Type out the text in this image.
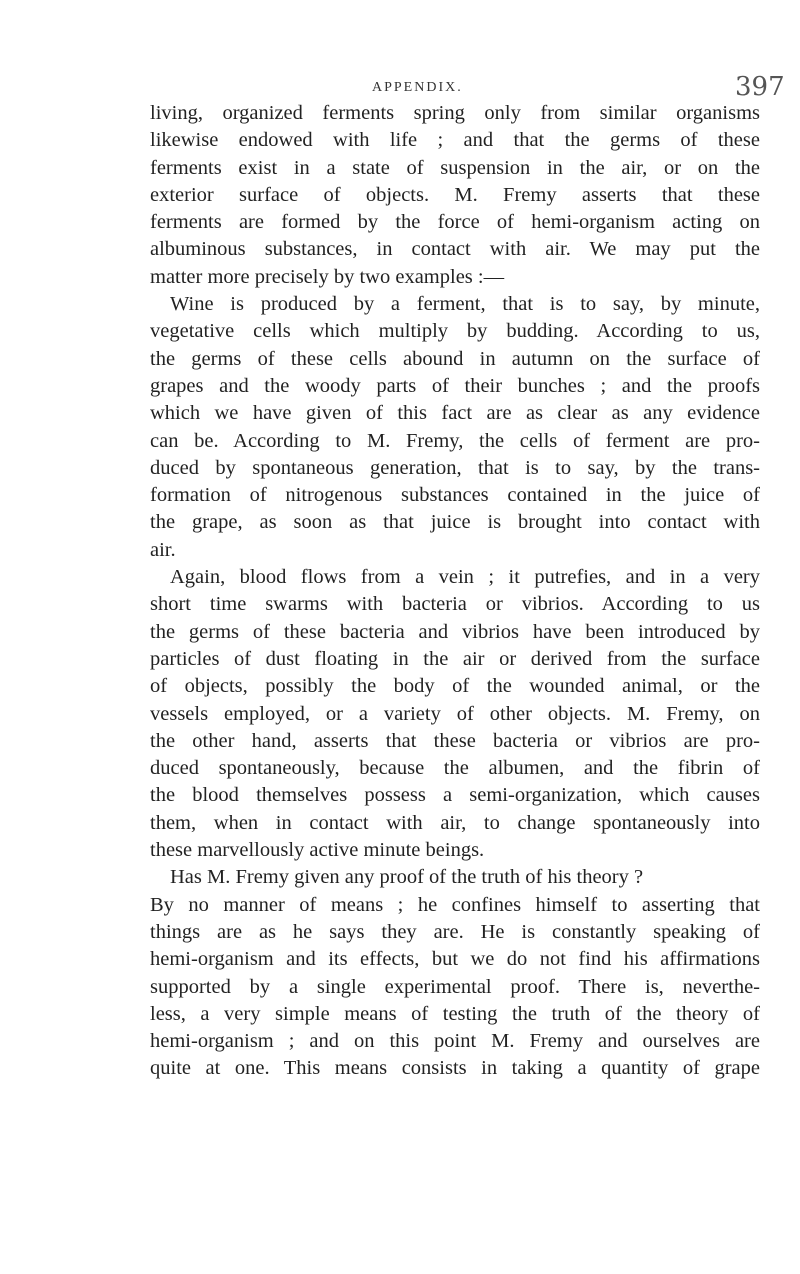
APPENDIX.	397
living, organized ferments spring only from similar organisms
likewise endowed with life ; and that the germs of these
ferments exist in a state of suspension in the air, or on the
exterior surface of objects. M. Fremy asserts that these
ferments are formed by the force of hemi-organism acting on
albuminous substances, in contact with air. We may put the
matter more precisely by two examples :—
Wine is produced by a ferment, that is to say, by minute,
vegetative cells which multiply by budding. According to us,
the germs of these cells abound in autumn on the surface of
grapes and the woody parts of their bunches ; and the proofs
which we have given of this fact are as clear as any evidence
can be. According to M. Fremy, the cells of ferment are pro-
duced by spontaneous generation, that is to say, by the trans-
formation of nitrogenous substances contained in the juice of
the grape, as soon as that juice is brought into contact with
air.
Again, blood flows from a vein ; it putrefies, and in a very
short time swarms with bacteria or vibrios. According to us
the germs of these bacteria and vibrios have been introduced by
particles of dust floating in the air or derived from the surface
of objects, possibly the body of the wounded animal, or the
vessels employed, or a variety of other objects. M. Fremy, on
the other hand, asserts that these bacteria or vibrios are pro-
duced spontaneously, because the albumen, and the fibrin of
the blood themselves possess a semi-organization, which causes
them, when in contact with air, to change spontaneously into
these marvellously active minute beings.
Has M. Fremy given any proof of the truth of his theory ?
By no manner of means ; he confines himself to asserting that
things are as he says they are. He is constantly speaking of
hemi-organism and its effects, but we do not find his affirmations
supported by a single experimental proof. There is, neverthe-
less, a very simple means of testing the truth of the theory of
hemi-organism ; and on this point M. Fremy and ourselves are
quite at one. This means consists in taking a quantity of grape
